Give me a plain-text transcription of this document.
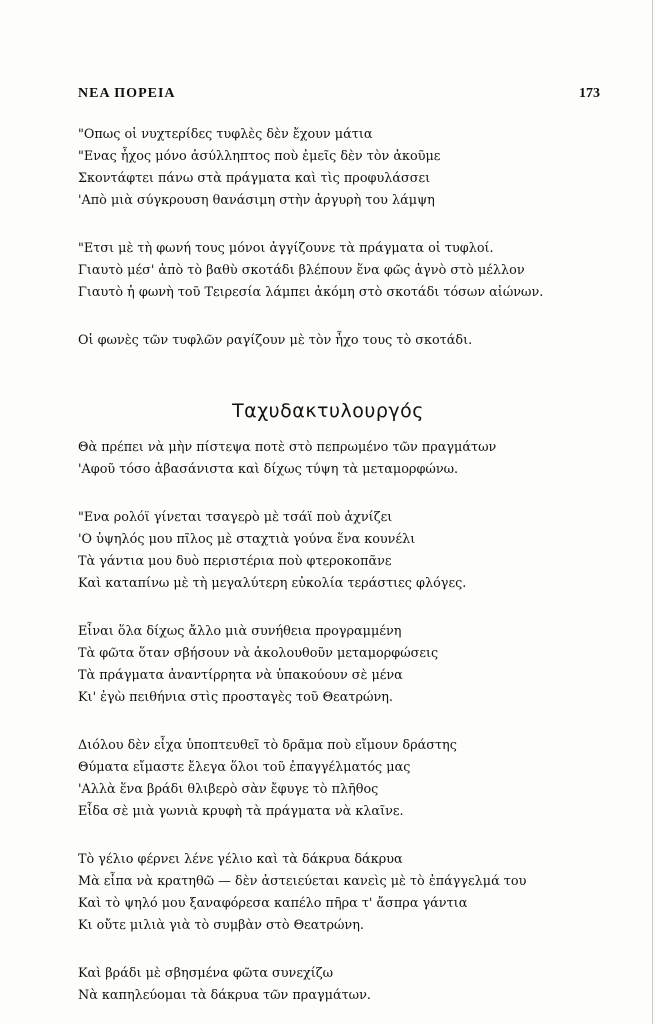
ΝΕΑ ΠΟΡΕΙΑ	173
"Οπως οἱ νυχτερίδες τυφλὲς δὲν ἔχουν μάτια
"Ενας ἦχος μόνο ἀσύλληπτος ποὺ ἐμεῖς δὲν τὸν ἀκοῦμε
Σκοντάφτει πάνω στὰ πράγματα καὶ τὶς προφυλάσσει
'Απὸ μιὰ σύγκρουση θανάσιμη στὴν ἀργυρὴ του λάμψη
"Ετσι μὲ τὴ φωνή τους μόνοι ἀγγίζουνε τὰ πράγματα οἱ τυφλοί.
Γιαυτὸ μέσ' ἀπὸ τὸ βαθὺ σκοτάδι βλέπουν ἕνα φῶς ἁγνὸ στὸ μέλλον
Γιαυτὸ ἡ φωνὴ τοῦ Τειρεσία λάμπει ἀκόμη στὸ σκοτάδι τόσων αἰώνων.
Οἱ φωνὲς τῶν τυφλῶν ραγίζουν μὲ τὸν ἦχο τους τὸ σκοτάδι.
Ταχυδακτυλουργός
Θὰ πρέπει νὰ μὴν πίστεψα ποτὲ στὸ πεπρωμένο τῶν πραγμάτων
'Αφοῦ τόσο ἀβασάνιστα καὶ δίχως τύψη τὰ μεταμορφώνω.
"Ενα ρολόϊ γίνεται τσαγερὸ μὲ τσάϊ ποὺ ἀχνίζει
'Ο ὑψηλός μου πῖλος μὲ σταχτιὰ γούνα ἕνα κουνέλι
Τὰ γάντια μου δυὸ περιστέρια ποὺ φτεροκοπᾶνε
Καὶ καταπίνω μὲ τὴ μεγαλύτερη εὐκολία τεράστιες φλόγες.
Εἶναι ὅλα δίχως ἄλλο μιὰ συνήθεια προγραμμένη
Τὰ φῶτα ὅταν σβήσουν νὰ ἀκολουθοῦν μεταμορφώσεις
Τὰ πράγματα ἀναντίρρητα νὰ ὑπακούουν σὲ μένα
Κι' ἐγὼ πειθήνια στὶς προσταγὲς τοῦ Θεατρώνη.
Διόλου δὲν εἶχα ὑποπτευθεῖ τὸ δρᾶμα ποὺ εἴμουν δράστης
Θύματα εἴμαστε ἔλεγα ὅλοι τοῦ ἐπαγγέλματός μας
'Αλλὰ ἕνα βράδι θλιβερὸ σὰν ἔφυγε τὸ πλῆθος
Εἶδα σὲ μιὰ γωνιὰ κρυφὴ τὰ πράγματα νὰ κλαῖνε.
Τὸ γέλιο φέρνει λένε γέλιο καὶ τὰ δάκρυα δάκρυα
Μὰ εἶπα νὰ κρατηθῶ — δὲν ἀστειεύεται κανεὶς μὲ τὸ ἐπάγγελμά του
Καὶ τὸ ψηλό μου ξαναφόρεσα καπέλο πῆρα τ' ἄσπρα γάντια
Κι οὔτε μιλιὰ γιὰ τὸ συμβὰν στὸ Θεατρώνη.
Καὶ βράδι μὲ σβησμένα φῶτα συνεχίζω
Νὰ καπηλεύομαι τὰ δάκρυα τῶν πραγμάτων.
